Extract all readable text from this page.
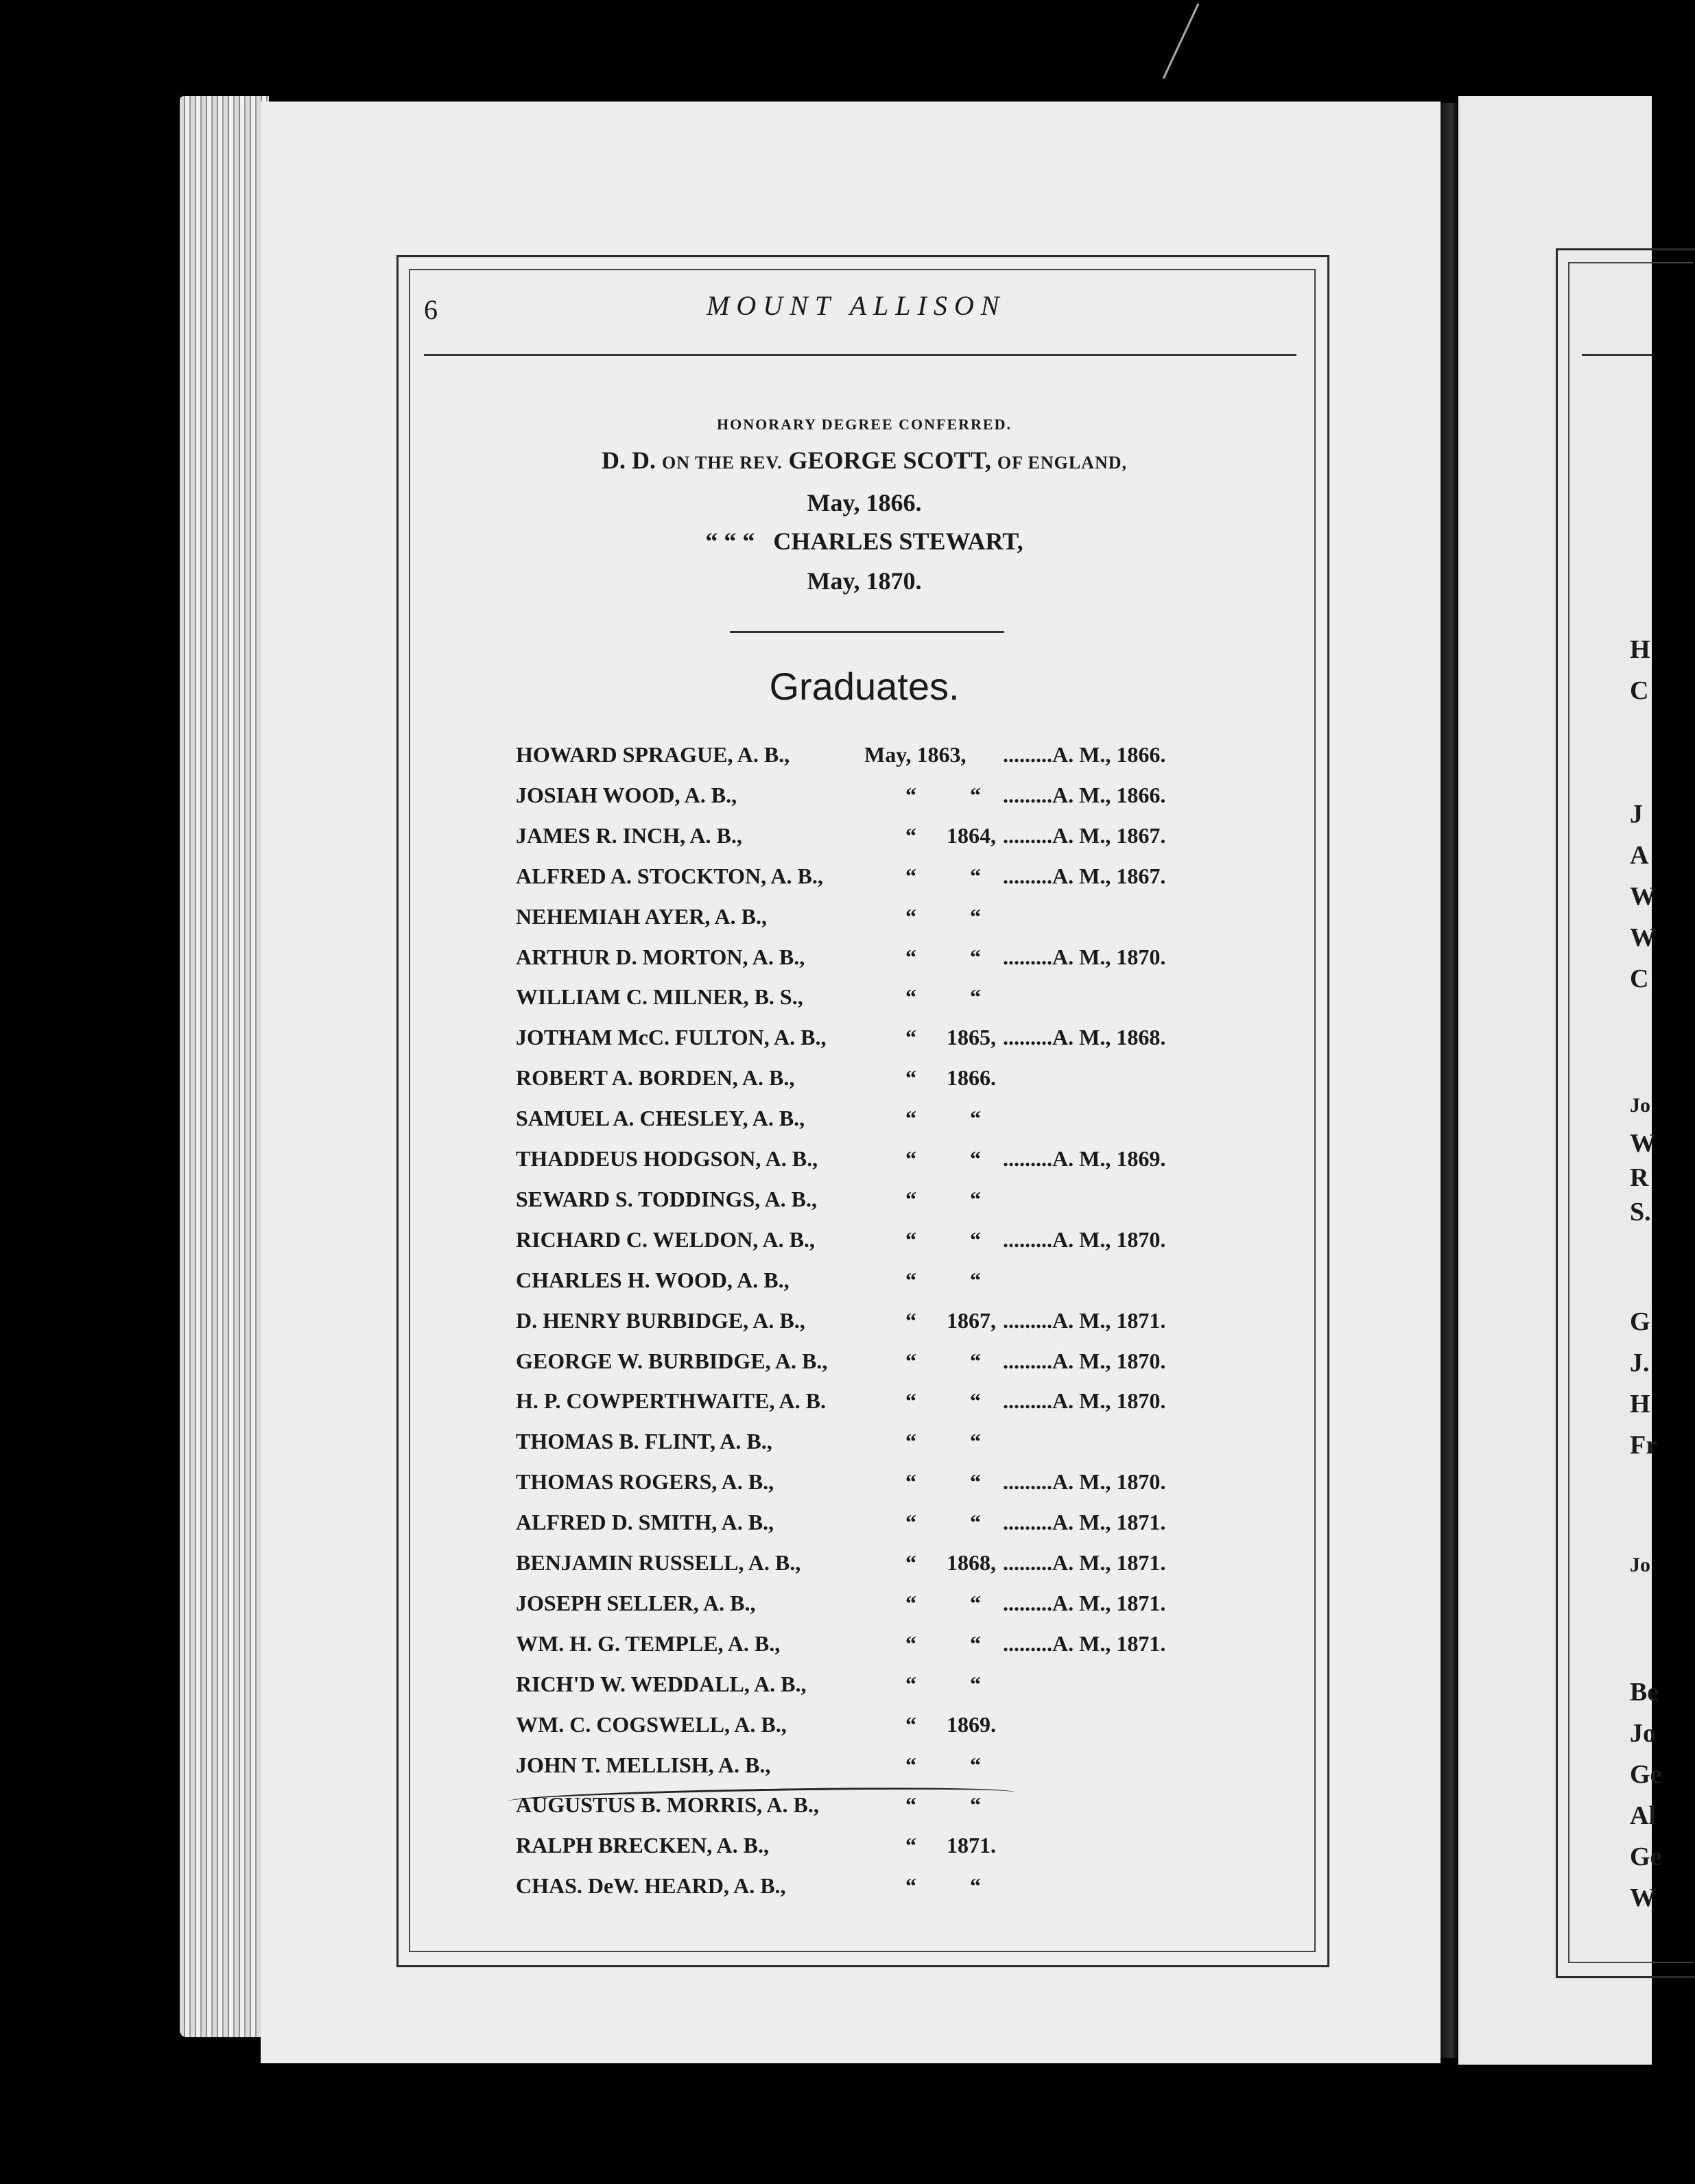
6	MOUNT ALLISON
HONORARY DEGREE CONFERRED.
D. D. ON THE REV. GEORGE SCOTT, OF ENGLAND,
May, 1866.
“ “ “ CHARLES STEWART,
May, 1870.
Graduates.
HOWARD SPRAGUE, A. B.,	May, 1863, .........A. M., 1866.
JOSIAH WOOD, A. B.,	“ “ .........A. M., 1866.
JAMES R. INCH, A. B.,	“ 1864, .........A. M., 1867.
ALFRED A. STOCKTON, A. B.,	“ “ .........A. M., 1867.
NEHEMIAH AYER, A. B.,	“ “
ARTHUR D. MORTON, A. B.,	“ “ .........A. M., 1870.
WILLIAM C. MILNER, B. S.,	“ “
JOTHAM McC. FULTON, A. B.,	“ 1865, .........A. M., 1868.
ROBERT A. BORDEN, A. B.,	“ 1866.
SAMUEL A. CHESLEY, A. B.,	“ “
THADDEUS HODGSON, A. B.,	“ “ .........A. M., 1869.
SEWARD S. TODDINGS, A. B.,	“ “
RICHARD C. WELDON, A. B.,	“ “ .........A. M., 1870.
CHARLES H. WOOD, A. B.,	“ “
D. HENRY BURBIDGE, A. B.,	“ 1867, .........A. M., 1871.
GEORGE W. BURBIDGE, A. B.,	“ “ .........A. M., 1870.
H. P. COWPERTHWAITE, A. B.	“ “ .........A. M., 1870.
THOMAS B. FLINT, A. B.,	“ “
THOMAS ROGERS, A. B.,	“ “ .........A. M., 1870.
ALFRED D. SMITH, A. B.,	“ “ .........A. M., 1871.
BENJAMIN RUSSELL, A. B.,	“ 1868, .........A. M., 1871.
JOSEPH SELLER, A. B.,	“ “ .........A. M., 1871.
WM. H. G. TEMPLE, A. B.,	“ “ .........A. M., 1871.
RICH'D W. WEDDALL, A. B.,	“ “
WM. C. COGSWELL, A. B.,	“ 1869.
JOHN T. MELLISH, A. B.,	“ “
AUGUSTUS B. MORRIS, A. B.,	“ “
RALPH BRECKEN, A. B.,	“ 1871.
CHAS. DeW. HEARD, A. B.,	“ “
H
C
J
A
W
W
C
Jo
W
R
S.
G
J.
H
Fr
Jo
Be
Jo
Ge
Al
Ge
W
